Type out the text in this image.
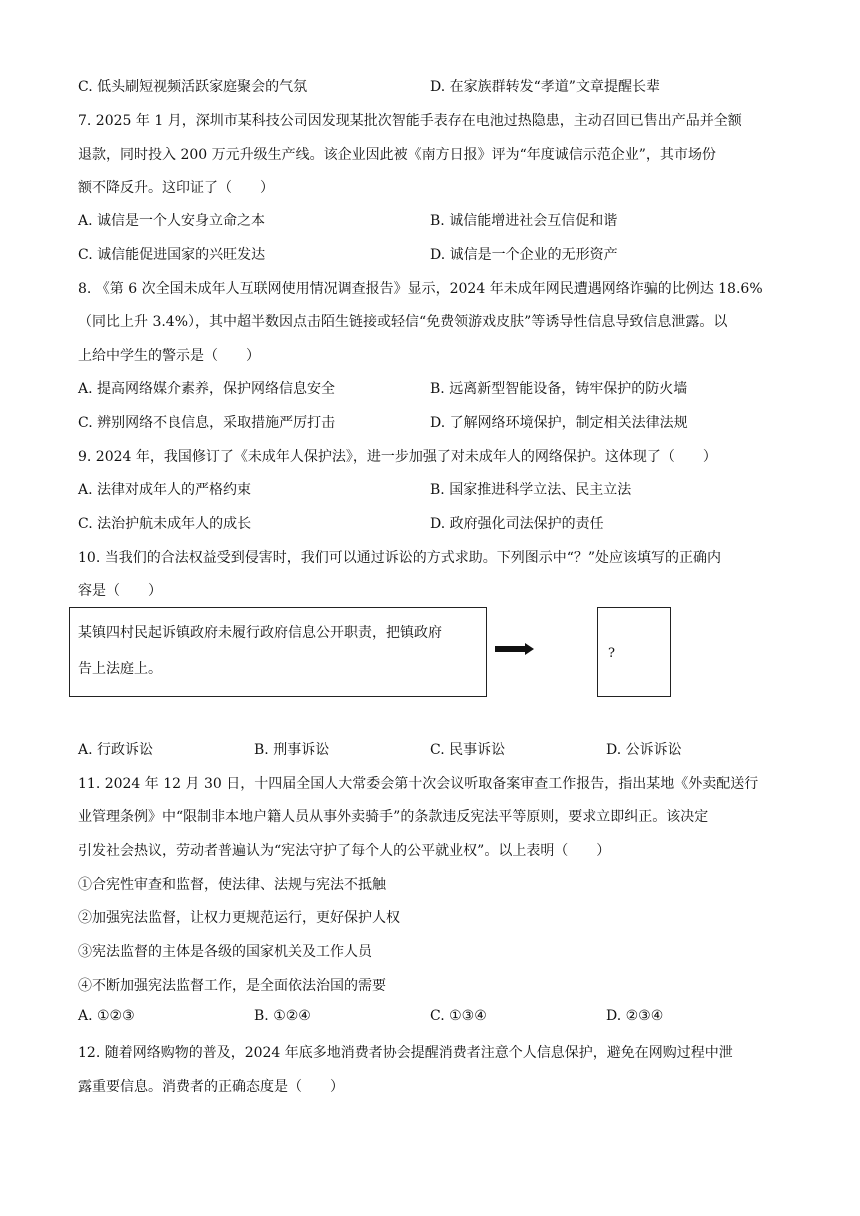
C. 低头刷短视频活跃家庭聚会的气氛	D. 在家族群转发“孝道”文章提醒长辈
7. 2025 年 1 月，深圳市某科技公司因发现某批次智能手表存在电池过热隐患，主动召回已售出产品并全额
退款，同时投入 200 万元升级生产线。该企业因此被《南方日报》评为“年度诚信示范企业”，其市场份
额不降反升。这印证了（　　）
A. 诚信是一个人安身立命之本	B. 诚信能增进社会互信促和谐
C. 诚信能促进国家的兴旺发达	D. 诚信是一个企业的无形资产
8. 《第 6 次全国未成年人互联网使用情况调查报告》显示，2024 年未成年网民遭遇网络诈骗的比例达 18.6%
（同比上升 3.4%），其中超半数因点击陌生链接或轻信“免费领游戏皮肤”等诱导性信息导致信息泄露。以
上给中学生的警示是（　　）
A. 提高网络媒介素养，保护网络信息安全	B. 远离新型智能设备，铸牢保护的防火墙
C. 辨别网络不良信息，采取措施严厉打击	D. 了解网络环境保护，制定相关法律法规
9. 2024 年，我国修订了《未成年人保护法》，进一步加强了对未成年人的网络保护。这体现了（　　）
A. 法律对成年人的严格约束	B. 国家推进科学立法、民主立法
C. 法治护航未成年人的成长	D. 政府强化司法保护的责任
10. 当我们的合法权益受到侵害时，我们可以通过诉讼的方式求助。下列图示中“？”处应该填写的正确内
容是（　　）
某镇四村民起诉镇政府未履行政府信息公开职责，把镇政府
告上法庭上。
?
A. 行政诉讼	B. 刑事诉讼	C. 民事诉讼	D. 公诉诉讼
11. 2024 年 12 月 30 日，十四届全国人大常委会第十次会议听取备案审查工作报告，指出某地《外卖配送行
业管理条例》中“限制非本地户籍人员从事外卖骑手”的条款违反宪法平等原则，要求立即纠正。该决定
引发社会热议，劳动者普遍认为“宪法守护了每个人的公平就业权”。以上表明（　　）
①合宪性审查和监督，使法律、法规与宪法不抵触
②加强宪法监督，让权力更规范运行，更好保护人权
③宪法监督的主体是各级的国家机关及工作人员
④不断加强宪法监督工作，是全面依法治国的需要
A. ①②③	B. ①②④	C. ①③④	D. ②③④
12. 随着网络购物的普及，2024 年底多地消费者协会提醒消费者注意个人信息保护，避免在网购过程中泄
露重要信息。消费者的正确态度是（　　）
